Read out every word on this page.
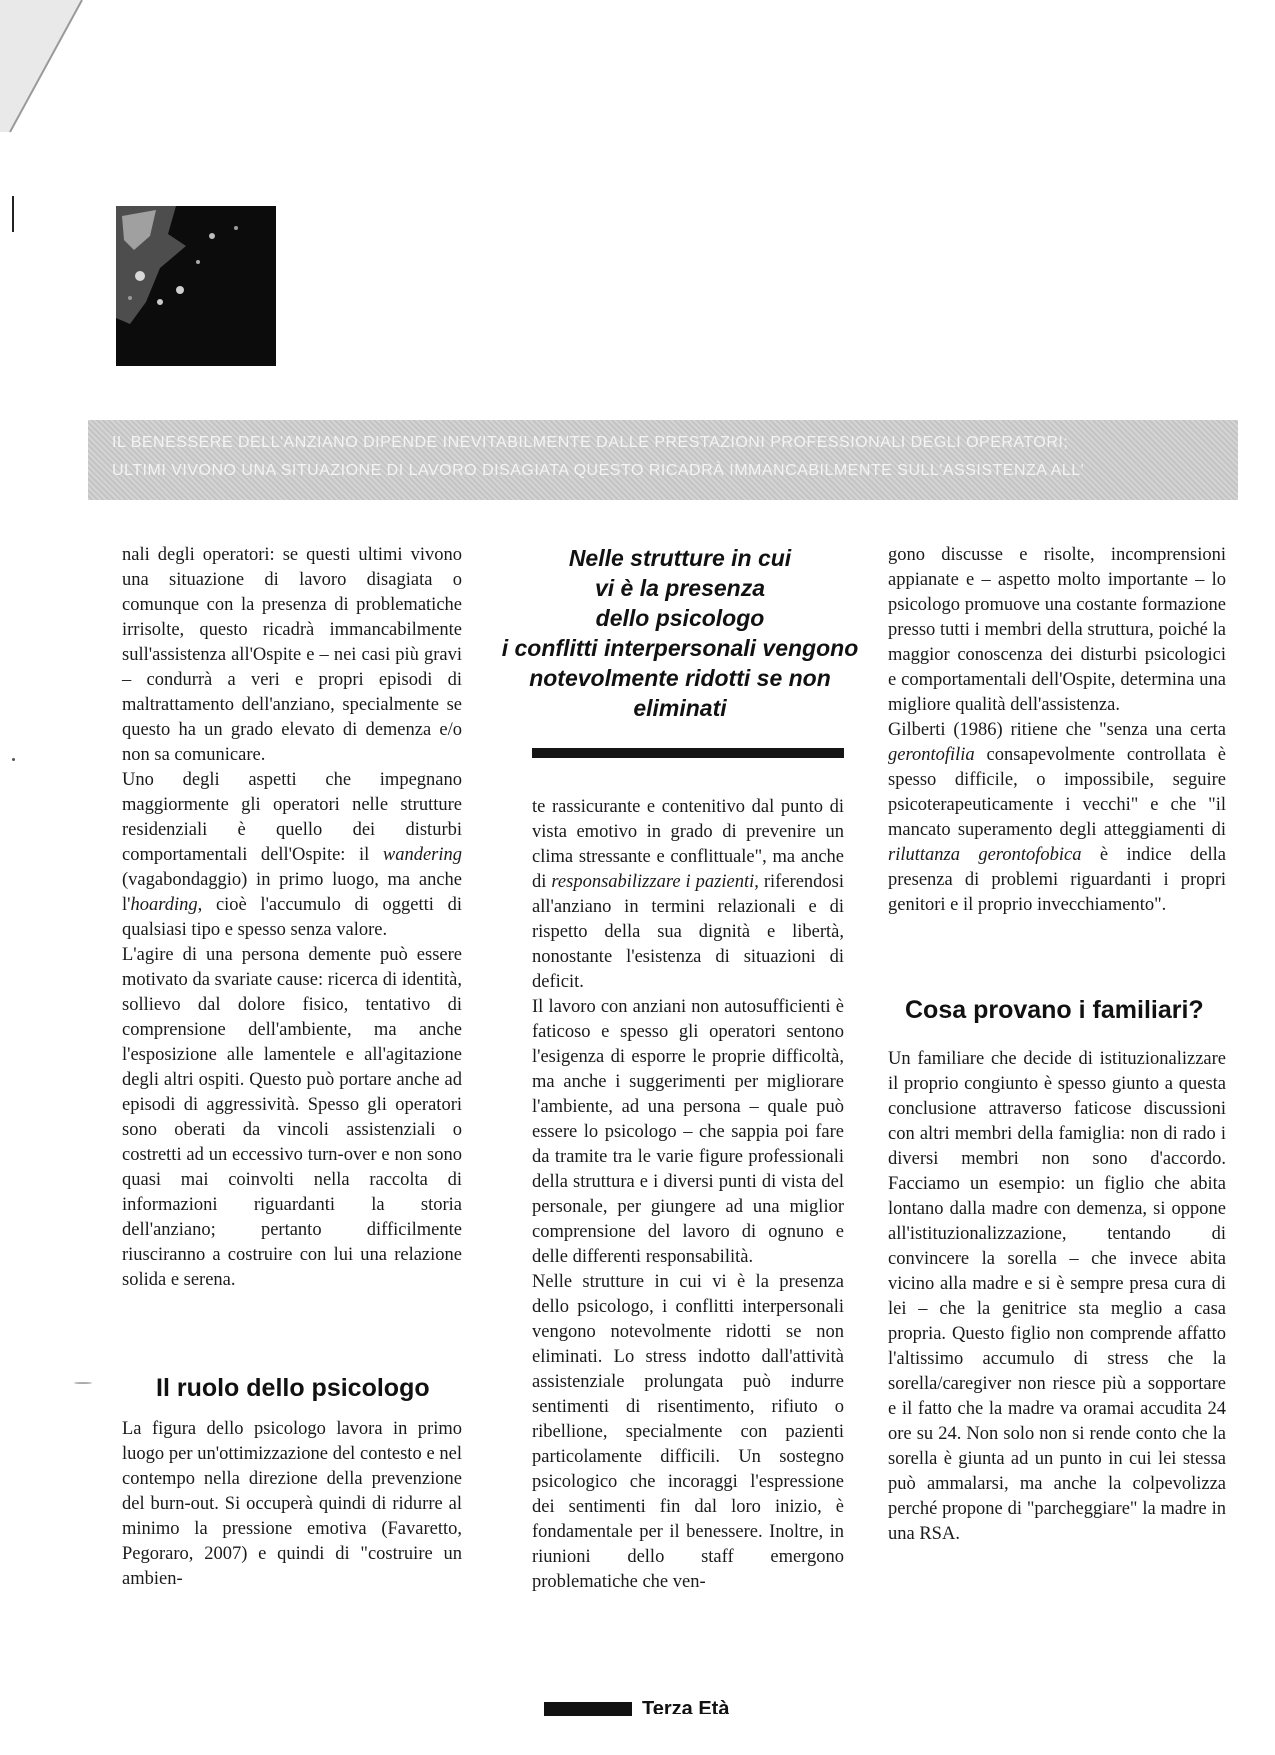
IL BENESSERE DELL'ANZIANO DIPENDE INEVITABILMENTE DALLE PRESTAZIONI PROFESSIONALI DEGLI OPERATORI;
ULTIMI VIVONO UNA SITUAZIONE DI LAVORO DISAGIATA QUESTO RICADRÀ IMMANCABILMENTE SULL'ASSISTENZA ALL'

nali degli operatori: se questi ultimi vivono una situazione di lavoro disagiata o comunque con la presenza di problematiche irrisolte, questo ricadrà immancabilmente sull'assistenza all'Ospite e – nei casi più gravi – condurrà a veri e propri episodi di maltrattamento dell'anziano, specialmente se questo ha un grado elevato di demenza e/o non sa comunicare.

Uno degli aspetti che impegnano maggiormente gli operatori nelle strutture residenziali è quello dei disturbi comportamentali dell'Ospite: il wandering (vagabondaggio) in primo luogo, ma anche l'hoarding, cioè l'accumulo di oggetti di qualsiasi tipo e spesso senza valore.

L'agire di una persona demente può essere motivato da svariate cause: ricerca di identità, sollievo dal dolore fisico, tentativo di comprensione dell'ambiente, ma anche l'esposizione alle lamentele e all'agitazione degli altri ospiti. Questo può portare anche ad episodi di aggressività. Spesso gli operatori sono oberati da vincoli assistenziali o costretti ad un eccessivo turn-over e non sono quasi mai coinvolti nella raccolta di informazioni riguardanti la storia dell'anziano; pertanto difficilmente riusciranno a costruire con lui una relazione solida e serena.

Il ruolo dello psicologo

La figura dello psicologo lavora in primo luogo per un'ottimizzazione del contesto e nel contempo nella direzione della prevenzione del burn-out. Si occuperà quindi di ridurre al minimo la pressione emotiva (Favaretto, Pegoraro, 2007) e quindi di "costruire un ambien-

Nelle strutture in cui
vi è la presenza
dello psicologo
i conflitti interpersonali vengono notevolmente ridotti se non eliminati

te rassicurante e contenitivo dal punto di vista emotivo in grado di prevenire un clima stressante e conflittuale", ma anche di responsabilizzare i pazienti, riferendosi all'anziano in termini relazionali e di rispetto della sua dignità e libertà, nonostante l'esistenza di situazioni di deficit.

Il lavoro con anziani non autosufficienti è faticoso e spesso gli operatori sentono l'esigenza di esporre le proprie difficoltà, ma anche i suggerimenti per migliorare l'ambiente, ad una persona – quale può essere lo psicologo – che sappia poi fare da tramite tra le varie figure professionali della struttura e i diversi punti di vista del personale, per giungere ad una miglior comprensione del lavoro di ognuno e delle differenti responsabilità.

Nelle strutture in cui vi è la presenza dello psicologo, i conflitti interpersonali vengono notevolmente ridotti se non eliminati. Lo stress indotto dall'attività assistenziale prolungata può indurre sentimenti di risentimento, rifiuto o ribellione, specialmente con pazienti particolamente difficili. Un sostegno psicologico che incoraggi l'espressione dei sentimenti fin dal loro inizio, è fondamentale per il benessere. Inoltre, in riunioni dello staff emergono problematiche che ven-

gono discusse e risolte, incomprensioni appianate e – aspetto molto importante – lo psicologo promuove una costante formazione presso tutti i membri della struttura, poiché la maggior conoscenza dei disturbi psicologici e comportamentali dell'Ospite, determina una migliore qualità dell'assistenza.

Gilberti (1986) ritiene che "senza una certa gerontofilia consapevolmente controllata è spesso difficile, o impossibile, seguire psicoterapeuticamente i vecchi" e che "il mancato superamento degli atteggiamenti di riluttanza gerontofobica è indice della presenza di problemi riguardanti i propri genitori e il proprio invecchiamento".

Cosa provano i familiari?

Un familiare che decide di istituzionalizzare il proprio congiunto è spesso giunto a questa conclusione attraverso faticose discussioni con altri membri della famiglia: non di rado i diversi membri non sono d'accordo. Facciamo un esempio: un figlio che abita lontano dalla madre con demenza, si oppone all'istituzionalizzazione, tentando di convincere la sorella – che invece abita vicino alla madre e si è sempre presa cura di lei – che la genitrice sta meglio a casa propria. Questo figlio non comprende affatto l'altissimo accumulo di stress che la sorella/caregiver non riesce più a sopportare e il fatto che la madre va oramai accudita 24 ore su 24. Non solo non si rende conto che la sorella è giunta ad un punto in cui lei stessa può ammalarsi, ma anche la colpevolizza perché propone di "parcheggiare" la madre in una RSA.

Terza Età
